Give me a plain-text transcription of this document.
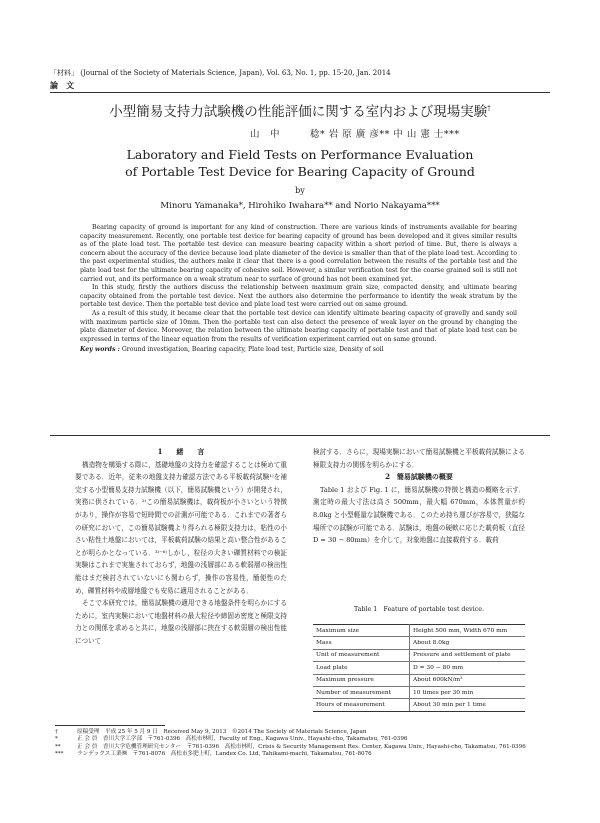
「材料」 (Journal of the Society of Materials Science, Japan), Vol. 63, No. 1, pp. 15-20, Jan. 2014
論　文
小型簡易支持力試験機の性能評価に関する室内および現場実験†
山　中　　　稔* 岩 原 廣 彦** 中 山 憲 士***
Laboratory and Field Tests on Performance Evaluation
of Portable Test Device for Bearing Capacity of Ground
by
Minoru Yamanaka*, Hirohiko Iwahara** and Norio Nakayama***

Bearing capacity of ground is important for any kind of construction. There are various kinds of instruments available for bearing capacity measurement. Recently, one portable test device for bearing capacity of ground has been developed and it gives similar results as of the plate load test. The portable test device can measure bearing capacity within a short period of time. But, there is always a concern about the accuracy of the device because load plate diameter of the device is smaller than that of the plate load test. According to the past experimental studies, the authors make it clear that there is a good correlation between the results of the portable test and the plate load test for the ultimate bearing capacity of cohesive soil. However, a similar verification test for the coarse grained soil is still not carried out, and its performance on a weak stratum near to surface of ground has not been examined yet.

In this study, firstly the authors discuss the relationship between maximum grain size, compacted density, and ultimate bearing capacity obtained from the portable test device. Next the authors also determine the performance to identify the weak stratum by the portable test device. Then the portable test device and plate load test were carried out on same ground.

As a result of this study, it became clear that the portable test device can identify ultimate bearing capacity of gravelly and sandy soil with maximum particle size of 10mm. Then the portable test can also detect the presence of weak layer on the ground by changing the plate diameter of device. Moreover, the relation between the ultimate bearing capacity of portable test and that of plate load test can be expressed in terms of the linear equation from the results of verification experiment carried out on same ground.

Key words : Ground investigation, Bearing capacity, Plate load test, Particle size, Density of soil
1　　緒　　言

構造物を構築する際に，基礎地盤の支持力を確認することは極めて重要である．近年，従来の地盤支持力確認方法である平板載荷試験¹⁾を補完する小型簡易支持力試験機（以下，簡易試験機という）が開発され，実務に供されている．²⁾この簡易試験機は，載荷板が小さいという特徴があり，操作が容易で短時間での計測が可能である．これまでの著者らの研究において，この簡易試験機より得られる極限支持力は，粘性の小さい粘性土地盤においては，平板載荷試験の結果と高い整合性があることが明らかとなっている．³⁾⁻⁶⁾しかし，粒径の大きい礫質材料での検証実験はこれまで実施されておらず，地盤の浅層部にある軟弱層の検出性能はまだ検討されていないにも関わらず，操作の容易性，簡便性のため，礫質材料や成層地盤でも安易に適用されることがある．

そこで本研究では，簡易試験機の適用できる地盤条件を明らかにするために，室内実験において地盤材料の最大粒径や締固め密度と極限支持力との関係を求めると共に，地盤の浅層部に挟在する軟弱層の検出性能について

検討する．さらに，現場実験において簡易試験機と平板載荷試験による極限支持力の関係を明らかにする．

2　簡易試験機の概要

Table 1 および Fig. 1 に，簡易試験機の特徴と構造の概略を示す．測定時の最大寸法は高さ 500mm，最大幅 670mm，本体質量が約 8.0kg と小型軽量な試験機である．このため持ち運びが容易で，狭隘な場所での試験が可能である．試験は，地盤の硬軟に応じた載荷板（直径 D = 30 − 80mm）を介して，対象地盤に直接載荷する．載荷

Table 1　Feature of portable test device.
Maximum size	Height 500 mm, Width 670 mm
Mass	About 8.0kg
Unit of measurement	Pressure and settlement of plate
Load plate	D = 30 − 80 mm
Maximum pressure	About 600kN/m²
Number of measurement	10 times per 30 min
Hours of measurement	About 30 min per 1 time
†	原稿受理　平成 25 年 5 月 9 日　Received May 9, 2013　©2014 The Society of Materials Science, Japan
*	正 会 員　香川大学工学部　〒761-0396　高松市林町，Faculty of Eng., Kagawa Univ., Hayashi-cho, Takamatsu, 761-0396
**	正 会 員　香川大学危機管理研究センター　〒761-0396　高松市林町，Crisis & Security Management Res. Center, Kagawa Univ., Hayashi-cho, Takamatsu, 761-0396
***	ランデックス工業㈱　〒761-8076　高松市多肥上町，Landex Co. Ltd, Tahikami-machi, Takamatsu, 761-8076
